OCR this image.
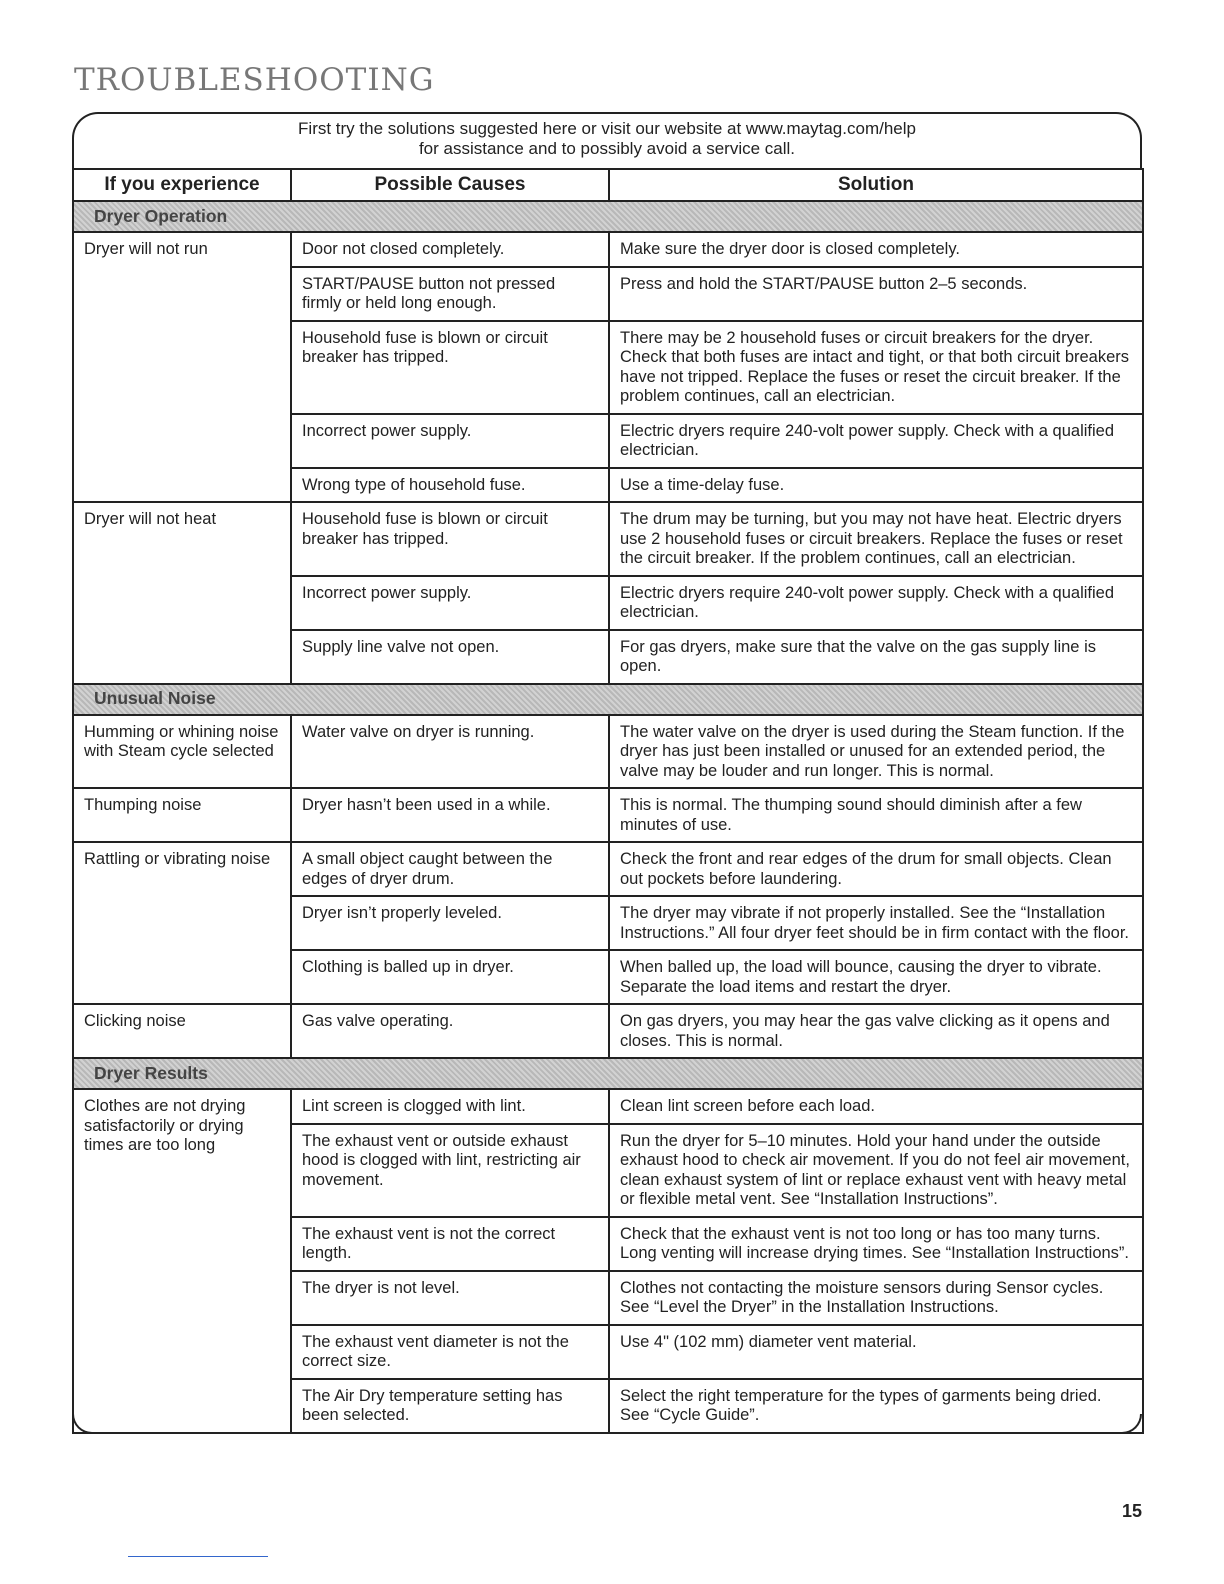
TROUBLESHOOTING
First try the solutions suggested here or visit our website at www.maytag.com/help
for assistance and to possibly avoid a service call.
If you experience	Possible Causes	Solution
Dryer Operation		
Dryer will not run	Door not closed completely.	Make sure the dryer door is closed completely.
	START/PAUSE button not pressed firmly or held long enough.	Press and hold the START/PAUSE button 2–5 seconds.
	Household fuse is blown or circuit breaker has tripped.	There may be 2 household fuses or circuit breakers for the dryer. Check that both fuses are intact and tight, or that both circuit breakers have not tripped. Replace the fuses or reset the circuit breaker. If the problem continues, call an electrician.
	Incorrect power supply.	Electric dryers require 240-volt power supply. Check with a qualified electrician.
	Wrong type of household fuse.	Use a time-delay fuse.
Dryer will not heat	Household fuse is blown or circuit breaker has tripped.	The drum may be turning, but you may not have heat. Electric dryers use 2 household fuses or circuit breakers. Replace the fuses or reset the circuit breaker. If the problem continues, call an electrician.
	Incorrect power supply.	Electric dryers require 240-volt power supply. Check with a qualified electrician.
	Supply line valve not open.	For gas dryers, make sure that the valve on the gas supply line is open.
Unusual Noise		
Humming or whining noise with Steam cycle selected	Water valve on dryer is running.	The water valve on the dryer is used during the Steam function. If the dryer has just been installed or unused for an extended period, the valve may be louder and run longer. This is normal.
Thumping noise	Dryer hasn’t been used in a while.	This is normal. The thumping sound should diminish after a few minutes of use.
Rattling or vibrating noise	A small object caught between the edges of dryer drum.	Check the front and rear edges of the drum for small objects. Clean out pockets before laundering.
	Dryer isn’t properly leveled.	The dryer may vibrate if not properly installed. See the “Installation Instructions.” All four dryer feet should be in firm contact with the floor.
	Clothing is balled up in dryer.	When balled up, the load will bounce, causing the dryer to vibrate. Separate the load items and restart the dryer.
Clicking noise	Gas valve operating.	On gas dryers, you may hear the gas valve clicking as it opens and closes. This is normal.
Dryer Results		
Clothes are not drying satisfactorily or drying times are too long	Lint screen is clogged with lint.	Clean lint screen before each load.
	The exhaust vent or outside exhaust hood is clogged with lint, restricting air movement.	Run the dryer for 5–10 minutes. Hold your hand under the outside exhaust hood to check air movement. If you do not feel air movement, clean exhaust system of lint or replace exhaust vent with heavy metal or flexible metal vent. See “Installation Instructions”.
	The exhaust vent is not the correct length.	Check that the exhaust vent is not too long or has too many turns. Long venting will increase drying times. See “Installation Instructions”.
	The dryer is not level.	Clothes not contacting the moisture sensors during Sensor cycles. See “Level the Dryer” in the Installation Instructions.
	The exhaust vent diameter is not the correct size.	Use 4" (102 mm) diameter vent material.
	The Air Dry temperature setting has been selected.	Select the right temperature for the types of garments being dried. See “Cycle Guide”.
15
